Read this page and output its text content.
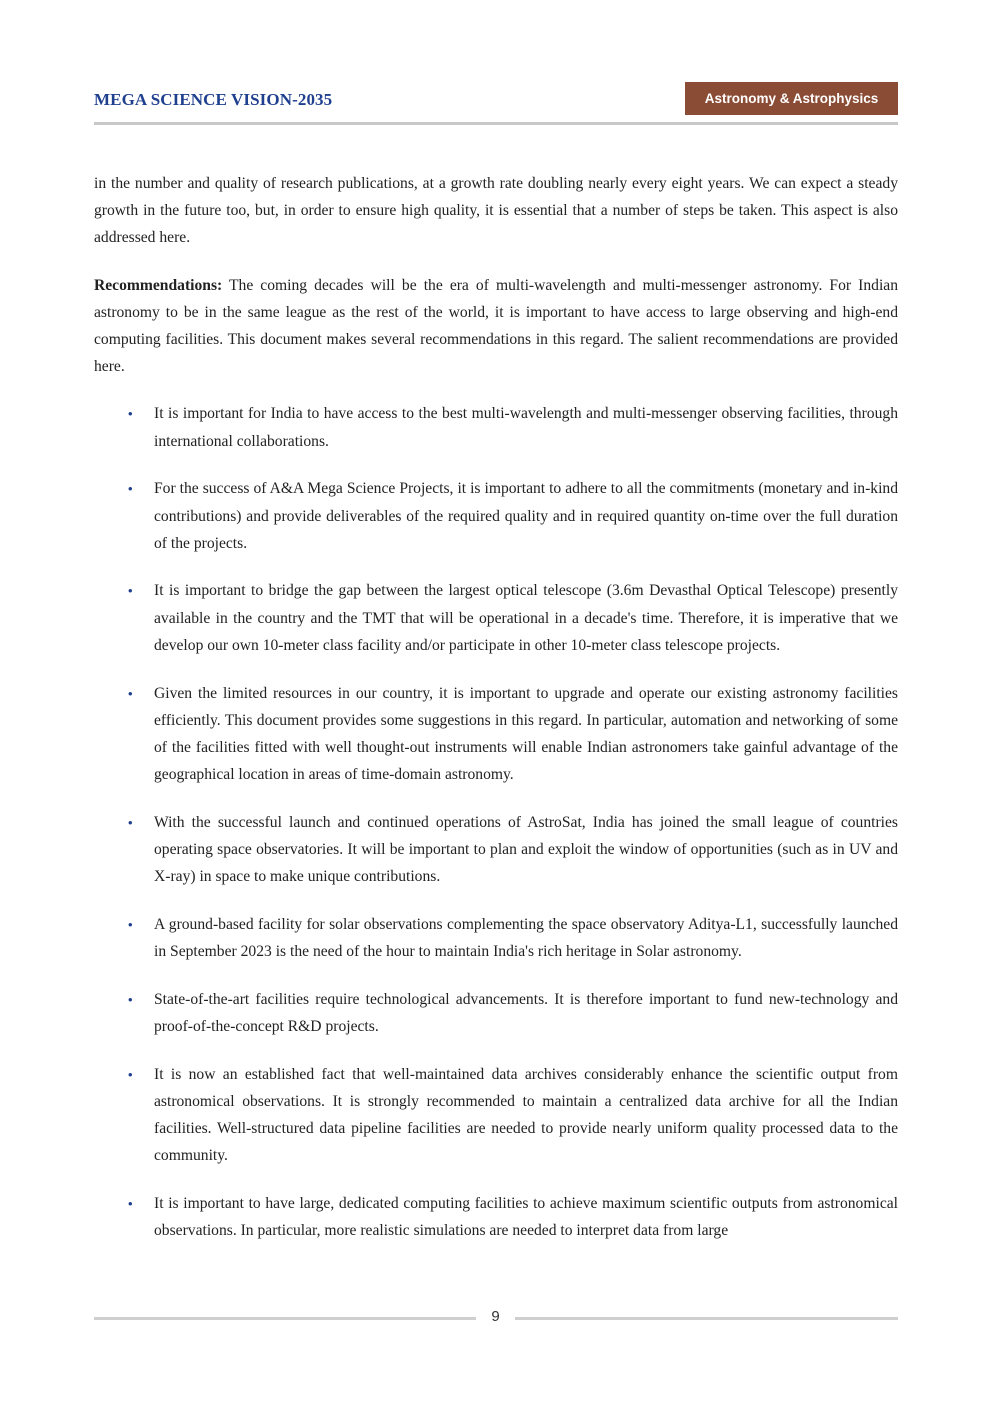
MEGA SCIENCE VISION-2035	Astronomy & Astrophysics

in the number and quality of research publications, at a growth rate doubling nearly every eight years. We can expect a steady growth in the future too, but, in order to ensure high quality, it is essential that a number of steps be taken. This aspect is also addressed here.

Recommendations: The coming decades will be the era of multi-wavelength and multi-messenger astronomy. For Indian astronomy to be in the same league as the rest of the world, it is important to have access to large observing and high-end computing facilities. This document makes several recommendations in this regard. The salient recommendations are provided here.

• It is important for India to have access to the best multi-wavelength and multi-messenger observing facilities, through international collaborations.
• For the success of A&A Mega Science Projects, it is important to adhere to all the commitments (monetary and in-kind contributions) and provide deliverables of the required quality and in required quantity on-time over the full duration of the projects.
• It is important to bridge the gap between the largest optical telescope (3.6m Devasthal Optical Telescope) presently available in the country and the TMT that will be operational in a decade's time. Therefore, it is imperative that we develop our own 10-meter class facility and/or participate in other 10-meter class telescope projects.
• Given the limited resources in our country, it is important to upgrade and operate our existing astronomy facilities efficiently. This document provides some suggestions in this regard. In particular, automation and networking of some of the facilities fitted with well thought-out instruments will enable Indian astronomers take gainful advantage of the geographical location in areas of time-domain astronomy.
• With the successful launch and continued operations of AstroSat, India has joined the small league of countries operating space observatories. It will be important to plan and exploit the window of opportunities (such as in UV and X-ray) in space to make unique contributions.
• A ground-based facility for solar observations complementing the space observatory Aditya-L1, successfully launched in September 2023 is the need of the hour to maintain India's rich heritage in Solar astronomy.
• State-of-the-art facilities require technological advancements. It is therefore important to fund new-technology and proof-of-the-concept R&D projects.
• It is now an established fact that well-maintained data archives considerably enhance the scientific output from astronomical observations. It is strongly recommended to maintain a centralized data archive for all the Indian facilities. Well-structured data pipeline facilities are needed to provide nearly uniform quality processed data to the community.
• It is important to have large, dedicated computing facilities to achieve maximum scientific outputs from astronomical observations. In particular, more realistic simulations are needed to interpret data from large
9
